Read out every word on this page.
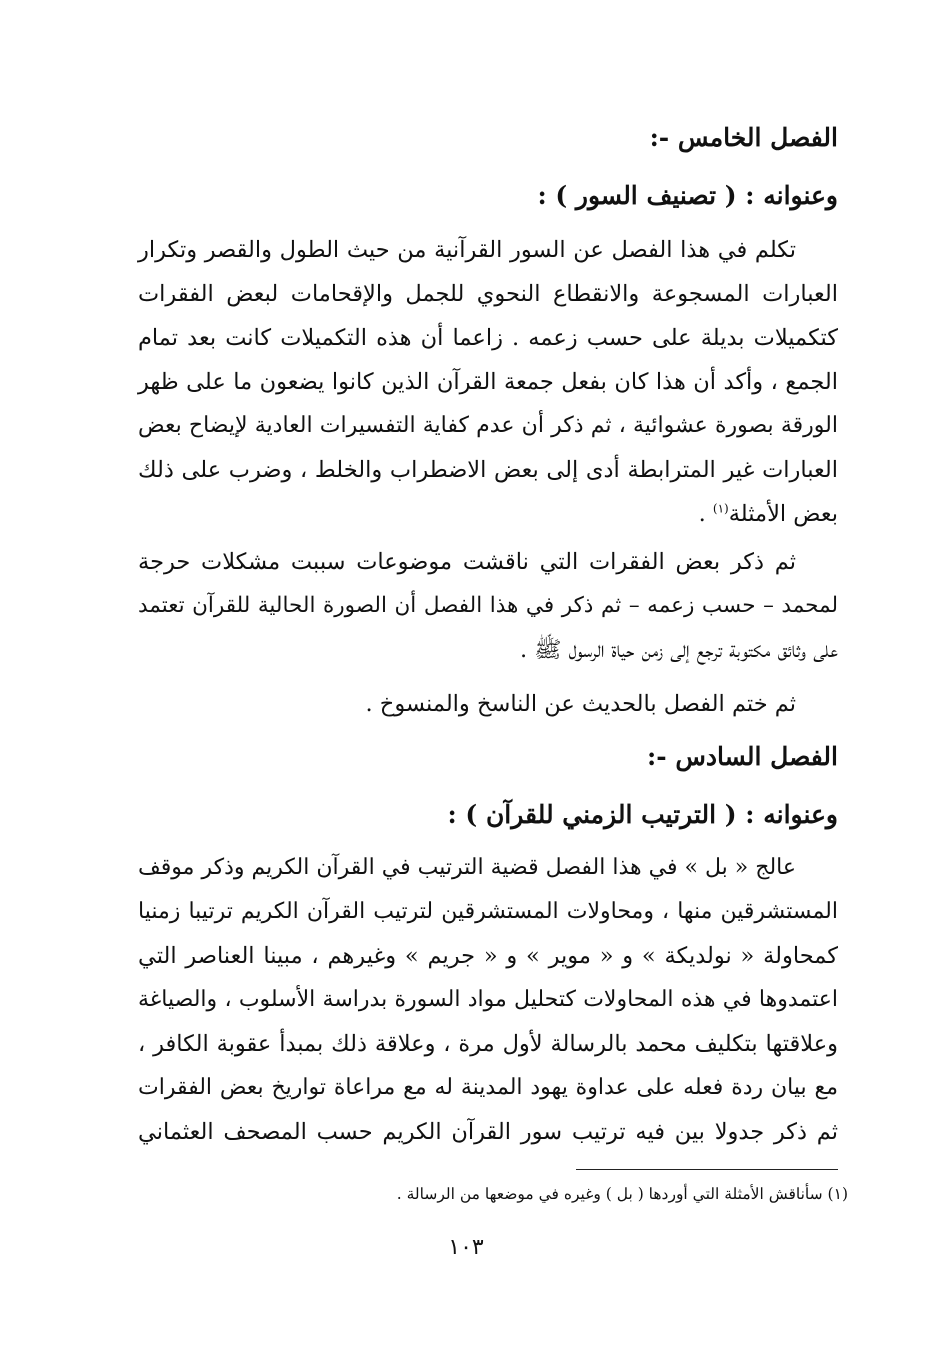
الفصل الخامس -:
وعنوانه : ( تصنيف السور ) :
تكلم في هذا الفصل عن السور القرآنية من حيث الطول والقصر وتكرار
العبارات المسجوعة والانقطاع النحوي للجمل والإقحامات لبعض الفقرات
كتكميلات بديلة على حسب زعمه . زاعما أن هذه التكميلات كانت بعد تمام
الجمع ، وأكد أن هذا كان بفعل جمعة القرآن الذين كانوا يضعون ما على ظهر
الورقة بصورة عشوائية ، ثم ذكر أن عدم كفاية التفسيرات العادية لإيضاح بعض
العبارات غير المترابطة أدى إلى بعض الاضطراب والخلط ، وضرب على ذلك
بعض الأمثلة$^{(١)}$ .
ثم ذكر بعض الفقرات التي ناقشت موضوعات سببت مشكلات حرجة
لمحمد – حسب زعمه – ثم ذكر في هذا الفصل أن الصورة الحالية للقرآن تعتمد
على وثائق مكتوبة ترجع إلى زمن حياة الرسول ﷺ .
ثم ختم الفصل بالحديث عن الناسخ والمنسوخ .
الفصل السادس -:
وعنوانه : ( الترتيب الزمني للقرآن ) :
عالج « بل » في هذا الفصل قضية الترتيب في القرآن الكريم وذكر موقف
المستشرقين منها ، ومحاولات المستشرقين لترتيب القرآن الكريم ترتيبا زمنيا
كمحاولة « نولديكة » و « موير » و « جريم » وغيرهم ، مبينا العناصر التي
اعتمدوها في هذه المحاولات كتحليل مواد السورة بدراسة الأسلوب ، والصياغة
وعلاقتها بتكليف محمد بالرسالة لأول مرة ، وعلاقة ذلك بمبدأ عقوبة الكافر ،
مع بيان ردة فعله على عداوة يهود المدينة له مع مراعاة تواريخ بعض الفقرات
ثم ذكر جدولا بين فيه ترتيب سور القرآن الكريم حسب المصحف العثماني
(١) سأناقش الأمثلة التي أوردها ( بل ) وغيره في موضعها من الرسالة .
١٠٣
